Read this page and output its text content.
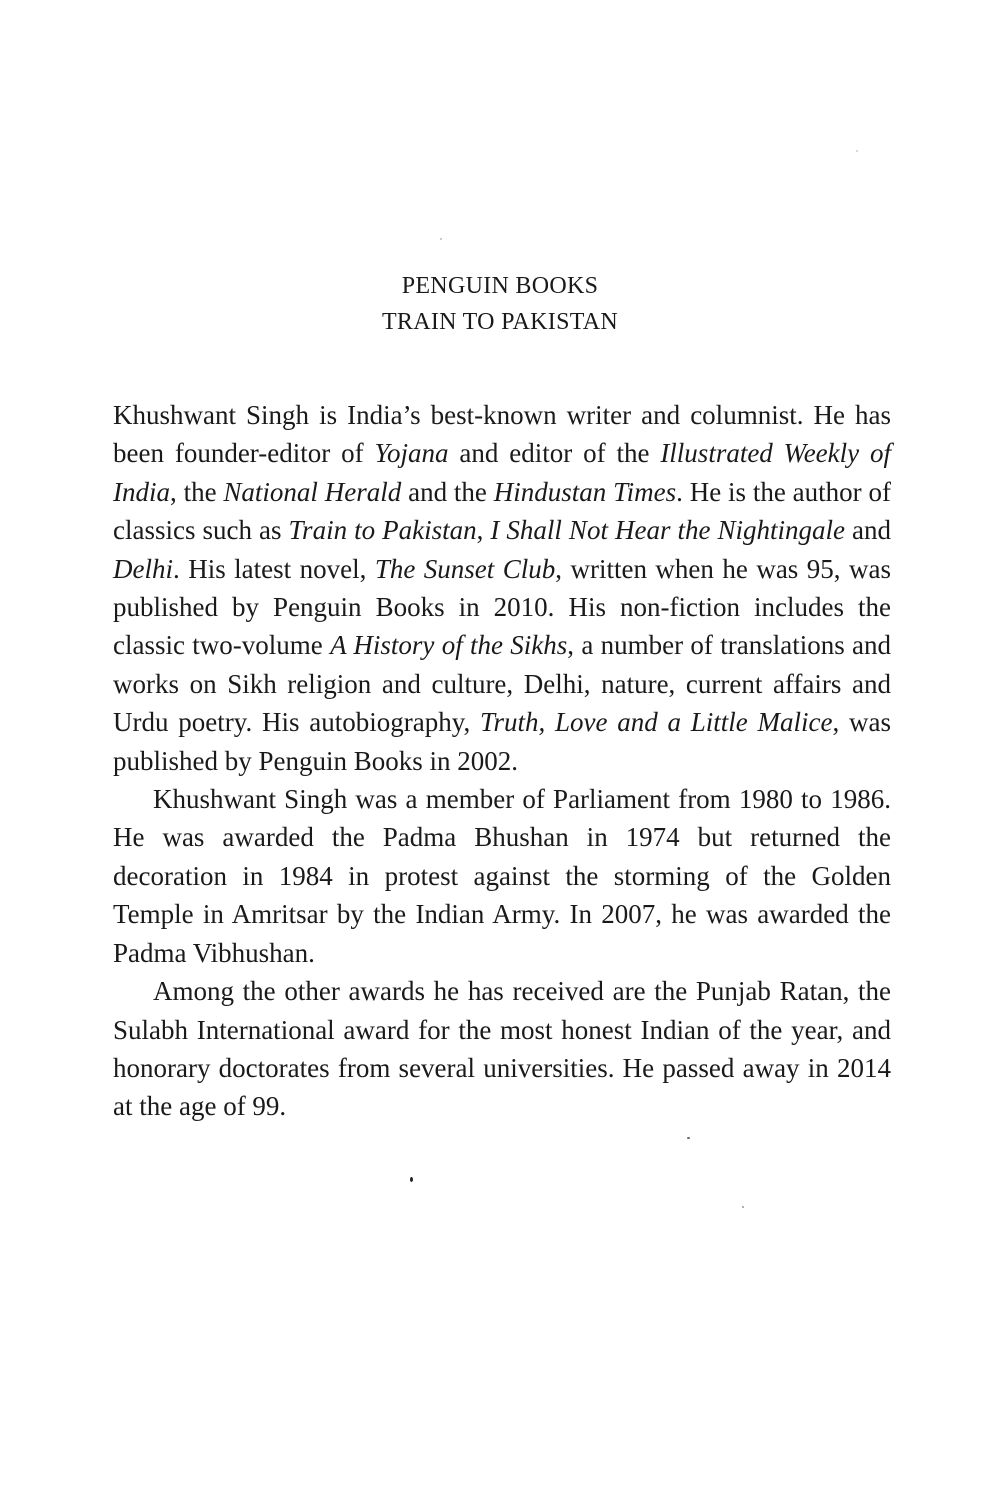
PENGUIN BOOKS
TRAIN TO PAKISTAN

Khushwant Singh is India’s best-known writer and columnist. He has been founder-editor of Yojana and editor of the Illustrated Weekly of India, the National Herald and the Hindustan Times. He is the author of classics such as Train to Pakistan, I Shall Not Hear the Nightingale and Delhi. His latest novel, The Sunset Club, written when he was 95, was published by Penguin Books in 2010. His non-fiction includes the classic two-volume A History of the Sikhs, a number of translations and works on Sikh religion and culture, Delhi, nature, current affairs and Urdu poetry. His autobiography, Truth, Love and a Little Malice, was published by Penguin Books in 2002.

Khushwant Singh was a member of Parliament from 1980 to 1986. He was awarded the Padma Bhushan in 1974 but returned the decoration in 1984 in protest against the storming of the Golden Temple in Amritsar by the Indian Army. In 2007, he was awarded the Padma Vibhushan.

Among the other awards he has received are the Punjab Ratan, the Sulabh International award for the most honest Indian of the year, and honorary doctorates from several universities. He passed away in 2014 at the age of 99.
